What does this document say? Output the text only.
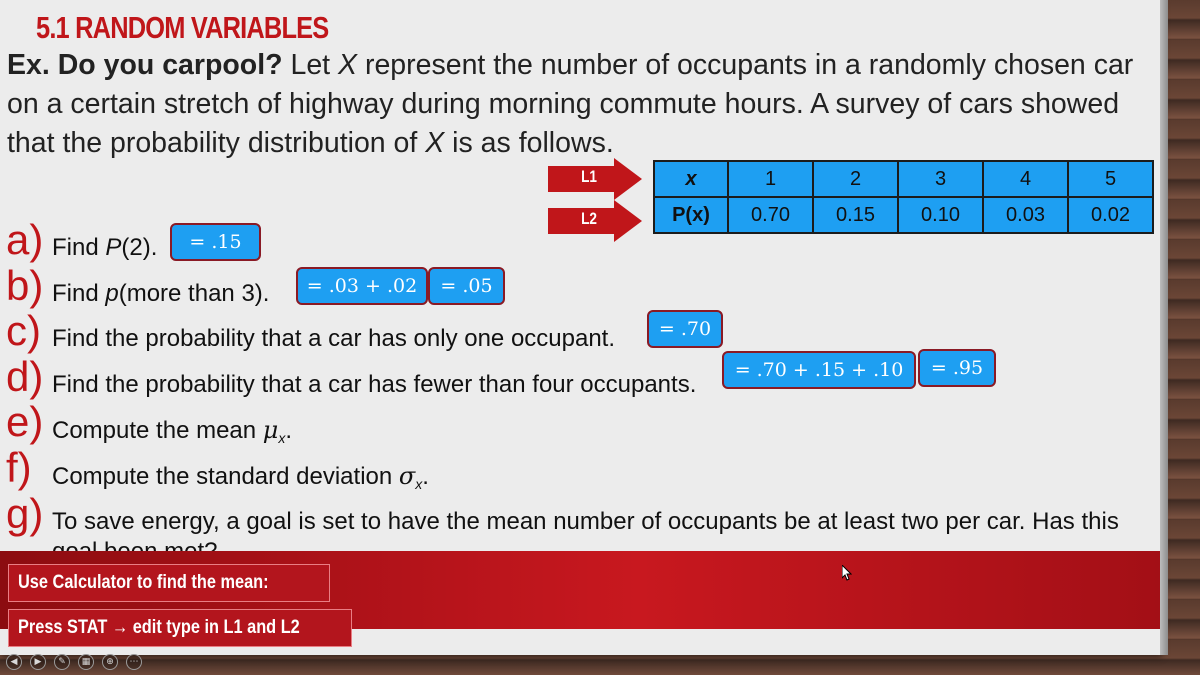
5.1 RANDOM VARIABLES
Ex. Do you carpool? Let X represent the number of occupants in a randomly chosen car on a certain stretch of highway during morning commute hours. A survey of cars showed that the probability distribution of X is as follows.
L1
L2
x	1	2	3	4	5
P(x)	0.70	0.15	0.10	0.03	0.02
a) Find P(2).
b) Find p(more than 3).
c) Find the probability that a car has only one occupant.
d) Find the probability that a car has fewer than four occupants.
e) Compute the mean $\mu_x$.
f) Compute the standard deviation $\sigma_x$.
g) To save energy, a goal is set to have the mean number of occupants be at least two per car. Has this
= .15
= .03 + .02	= .05
= .70
= .70 + .15 + .10	= .95
Use Calculator to find the mean:
Press STAT → edit type in L1 and L2
◀	▶	✎	▦	⊕	⋯
